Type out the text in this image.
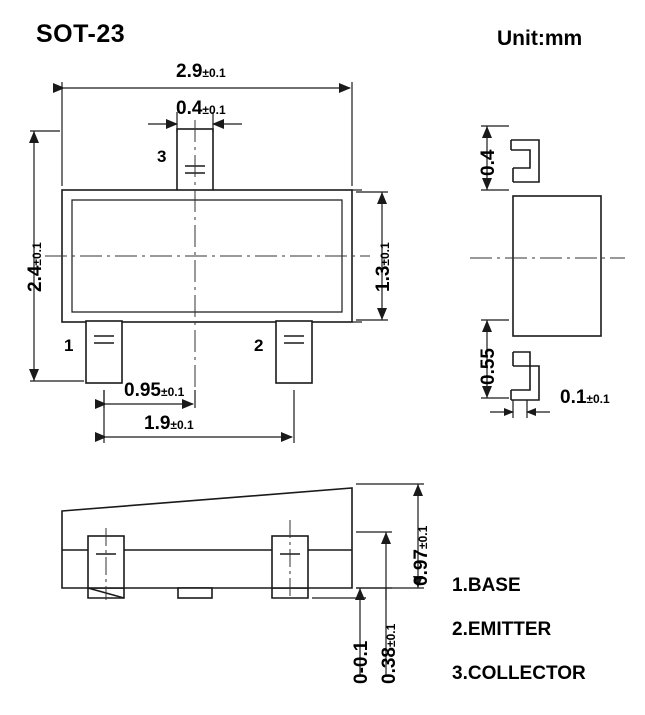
SOT-23	Unit:mm
2.9±0.1
0.4±0.1
2.4±0.1
1.3±0.1
0.95±0.1
1.9±0.1
3
1	2
0.4
0.55
0.1±0.1
0.97±0.1
0-0.1 0.38±0.1
1.BASE
2.EMITTER
3.COLLECTOR
